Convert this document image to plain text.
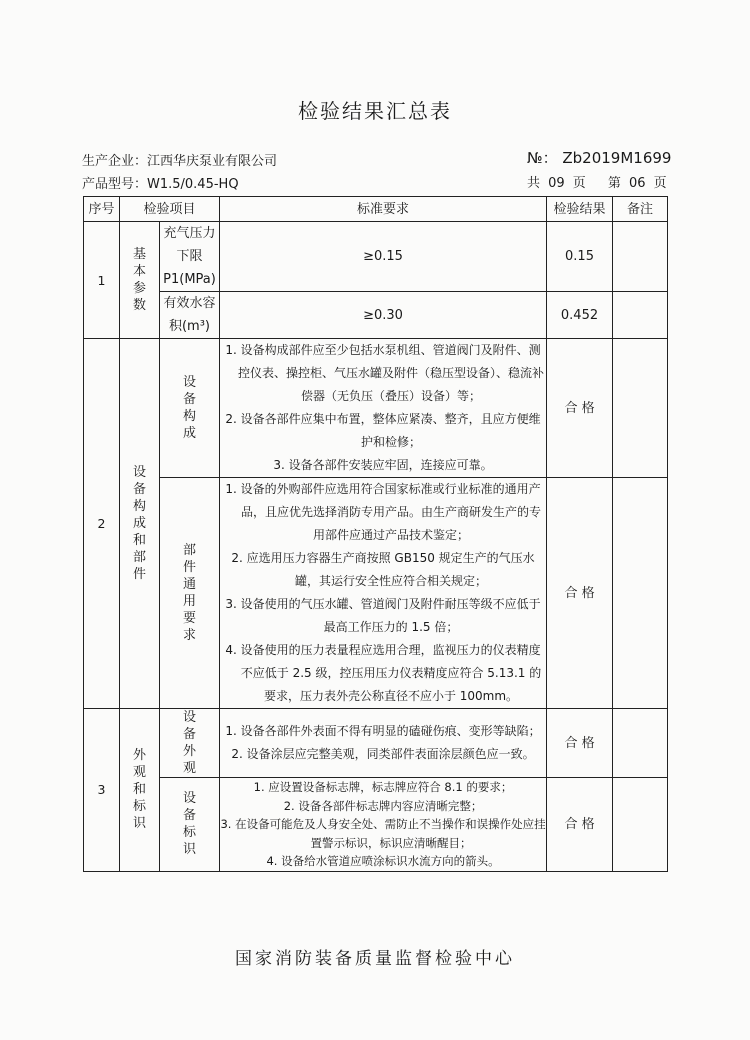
检验结果汇总表
生产企业：江西华庆泵业有限公司
产品型号：W1.5/0.45-HQ
№： Zb2019M1699
共 09 页 第 06 页
序号	检验项目		标准要求	检验结果	备注
1	基本参数	充气压力下限P1(MPa)	≥0.15	0.15	
		有效水容积(m³)	≥0.30	0.452	
2	设备构成和部件	设备构成	1. 设备构成部件应至少包括水泵机组、管道阀门及附件、测控仪表、操控柜、气压水罐及附件（稳压型设备）、稳流补偿器（无负压（叠压）设备）等；
2. 设备各部件应集中布置，整体应紧凑、整齐，且应方便维护和检修；
3. 设备各部件安装应牢固，连接应可靠。	合 格	

		部件通用要求	1. 设备的外购部件应选用符合国家标准或行业标准的通用产品，且应优先选择消防专用产品。由生产商研发生产的专用部件应通过产品技术鉴定；
2. 应选用压力容器生产商按照 GB150 规定生产的气压水罐，其运行安全性应符合相关规定；
3. 设备使用的气压水罐、管道阀门及附件耐压等级不应低于最高工作压力的 1.5 倍；
4. 设备使用的压力表量程应选用合理，监视压力的仪表精度不应低于 2.5 级，控压用压力仪表精度应符合 5.13.1 的要求，压力表外壳公称直径不应小于 100mm。	合 格	
3	外观和标识	设备外观	1. 设备各部件外表面不得有明显的磕碰伤痕、变形等缺陷；
2. 设备涂层应完整美观，同类部件表面涂层颜色应一致。	合 格	

		设备标识	1. 应设置设备标志牌，标志牌应符合 8.1 的要求；
2. 设备各部件标志牌内容应清晰完整；
3. 在设备可能危及人身安全处、需防止不当操作和误操作处应挂置警示标识，标识应清晰醒目；
4. 设备给水管道应喷涂标识水流方向的箭头。	合 格	
国家消防装备质量监督检验中心
